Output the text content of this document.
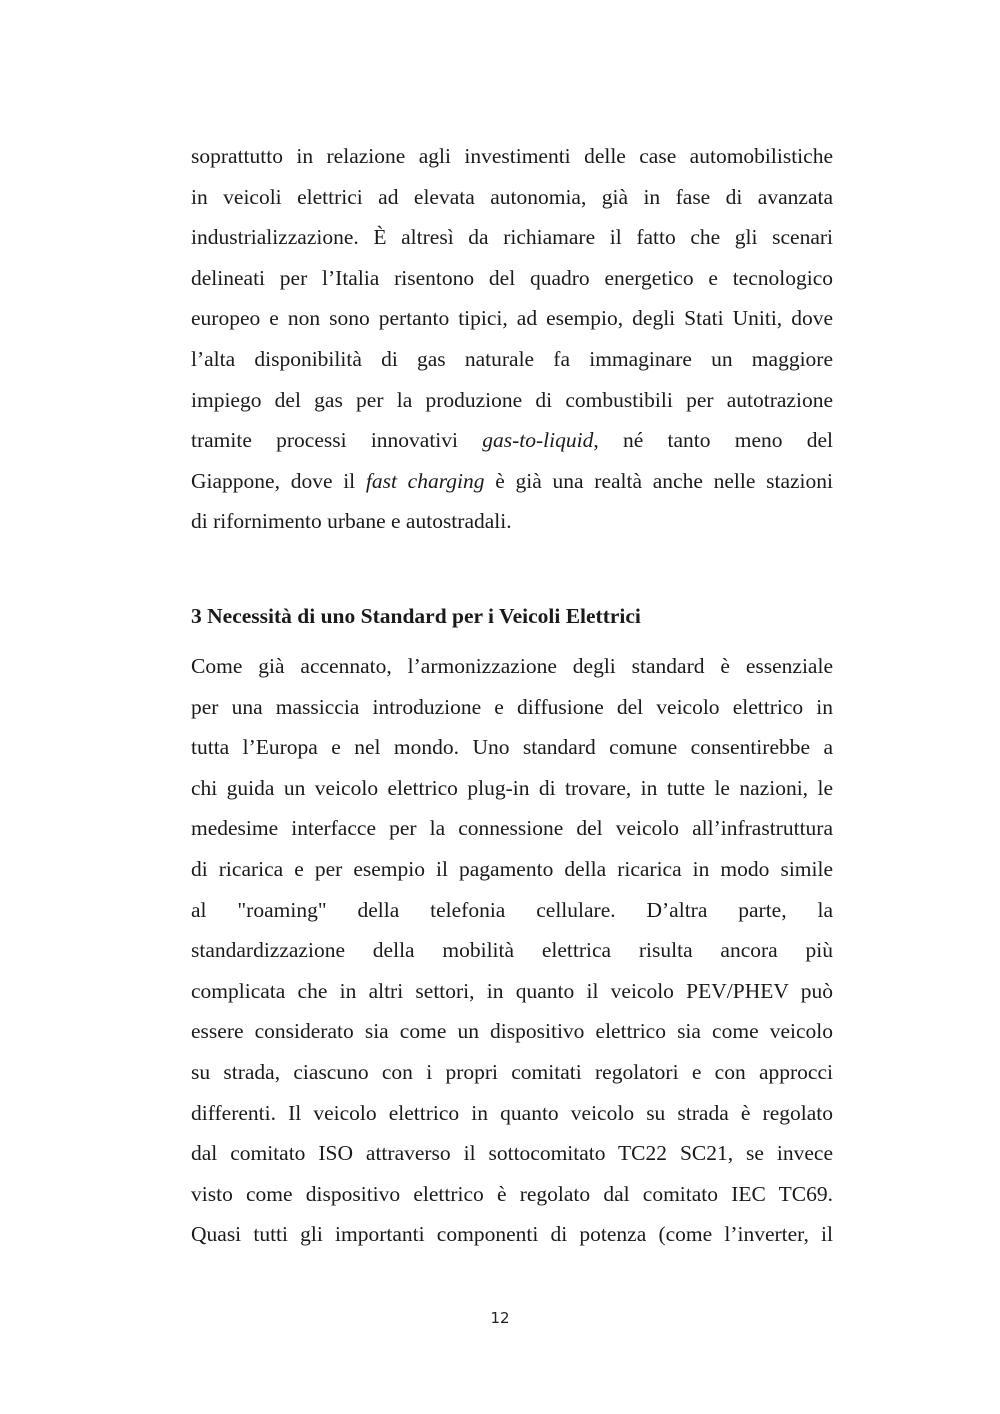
soprattutto in relazione agli investimenti delle case automobilistiche
in veicoli elettrici ad elevata autonomia, già in fase di avanzata
industrializzazione. È altresì da richiamare il fatto che gli scenari
delineati per l’Italia risentono del quadro energetico e tecnologico
europeo e non sono pertanto tipici, ad esempio, degli Stati Uniti, dove
l’alta disponibilità di gas naturale fa immaginare un maggiore
impiego del gas per la produzione di combustibili per autotrazione
tramite processi innovativi gas-to-liquid, né tanto meno del
Giappone, dove il fast charging è già una realtà anche nelle stazioni
di rifornimento urbane e autostradali.
3 Necessità di uno Standard per i Veicoli Elettrici
Come già accennato, l’armonizzazione degli standard è essenziale
per una massiccia introduzione e diffusione del veicolo elettrico in
tutta l’Europa e nel mondo. Uno standard comune consentirebbe a
chi guida un veicolo elettrico plug-in di trovare, in tutte le nazioni, le
medesime interfacce per la connessione del veicolo all’infrastruttura
di ricarica e per esempio il pagamento della ricarica in modo simile
al "roaming" della telefonia cellulare. D’altra parte, la
standardizzazione della mobilità elettrica risulta ancora più
complicata che in altri settori, in quanto il veicolo PEV/PHEV può
essere considerato sia come un dispositivo elettrico sia come veicolo
su strada, ciascuno con i propri comitati regolatori e con approcci
differenti. Il veicolo elettrico in quanto veicolo su strada è regolato
dal comitato ISO attraverso il sottocomitato TC22 SC21, se invece
visto come dispositivo elettrico è regolato dal comitato IEC TC69.
Quasi tutti gli importanti componenti di potenza (come l’inverter, il
12
